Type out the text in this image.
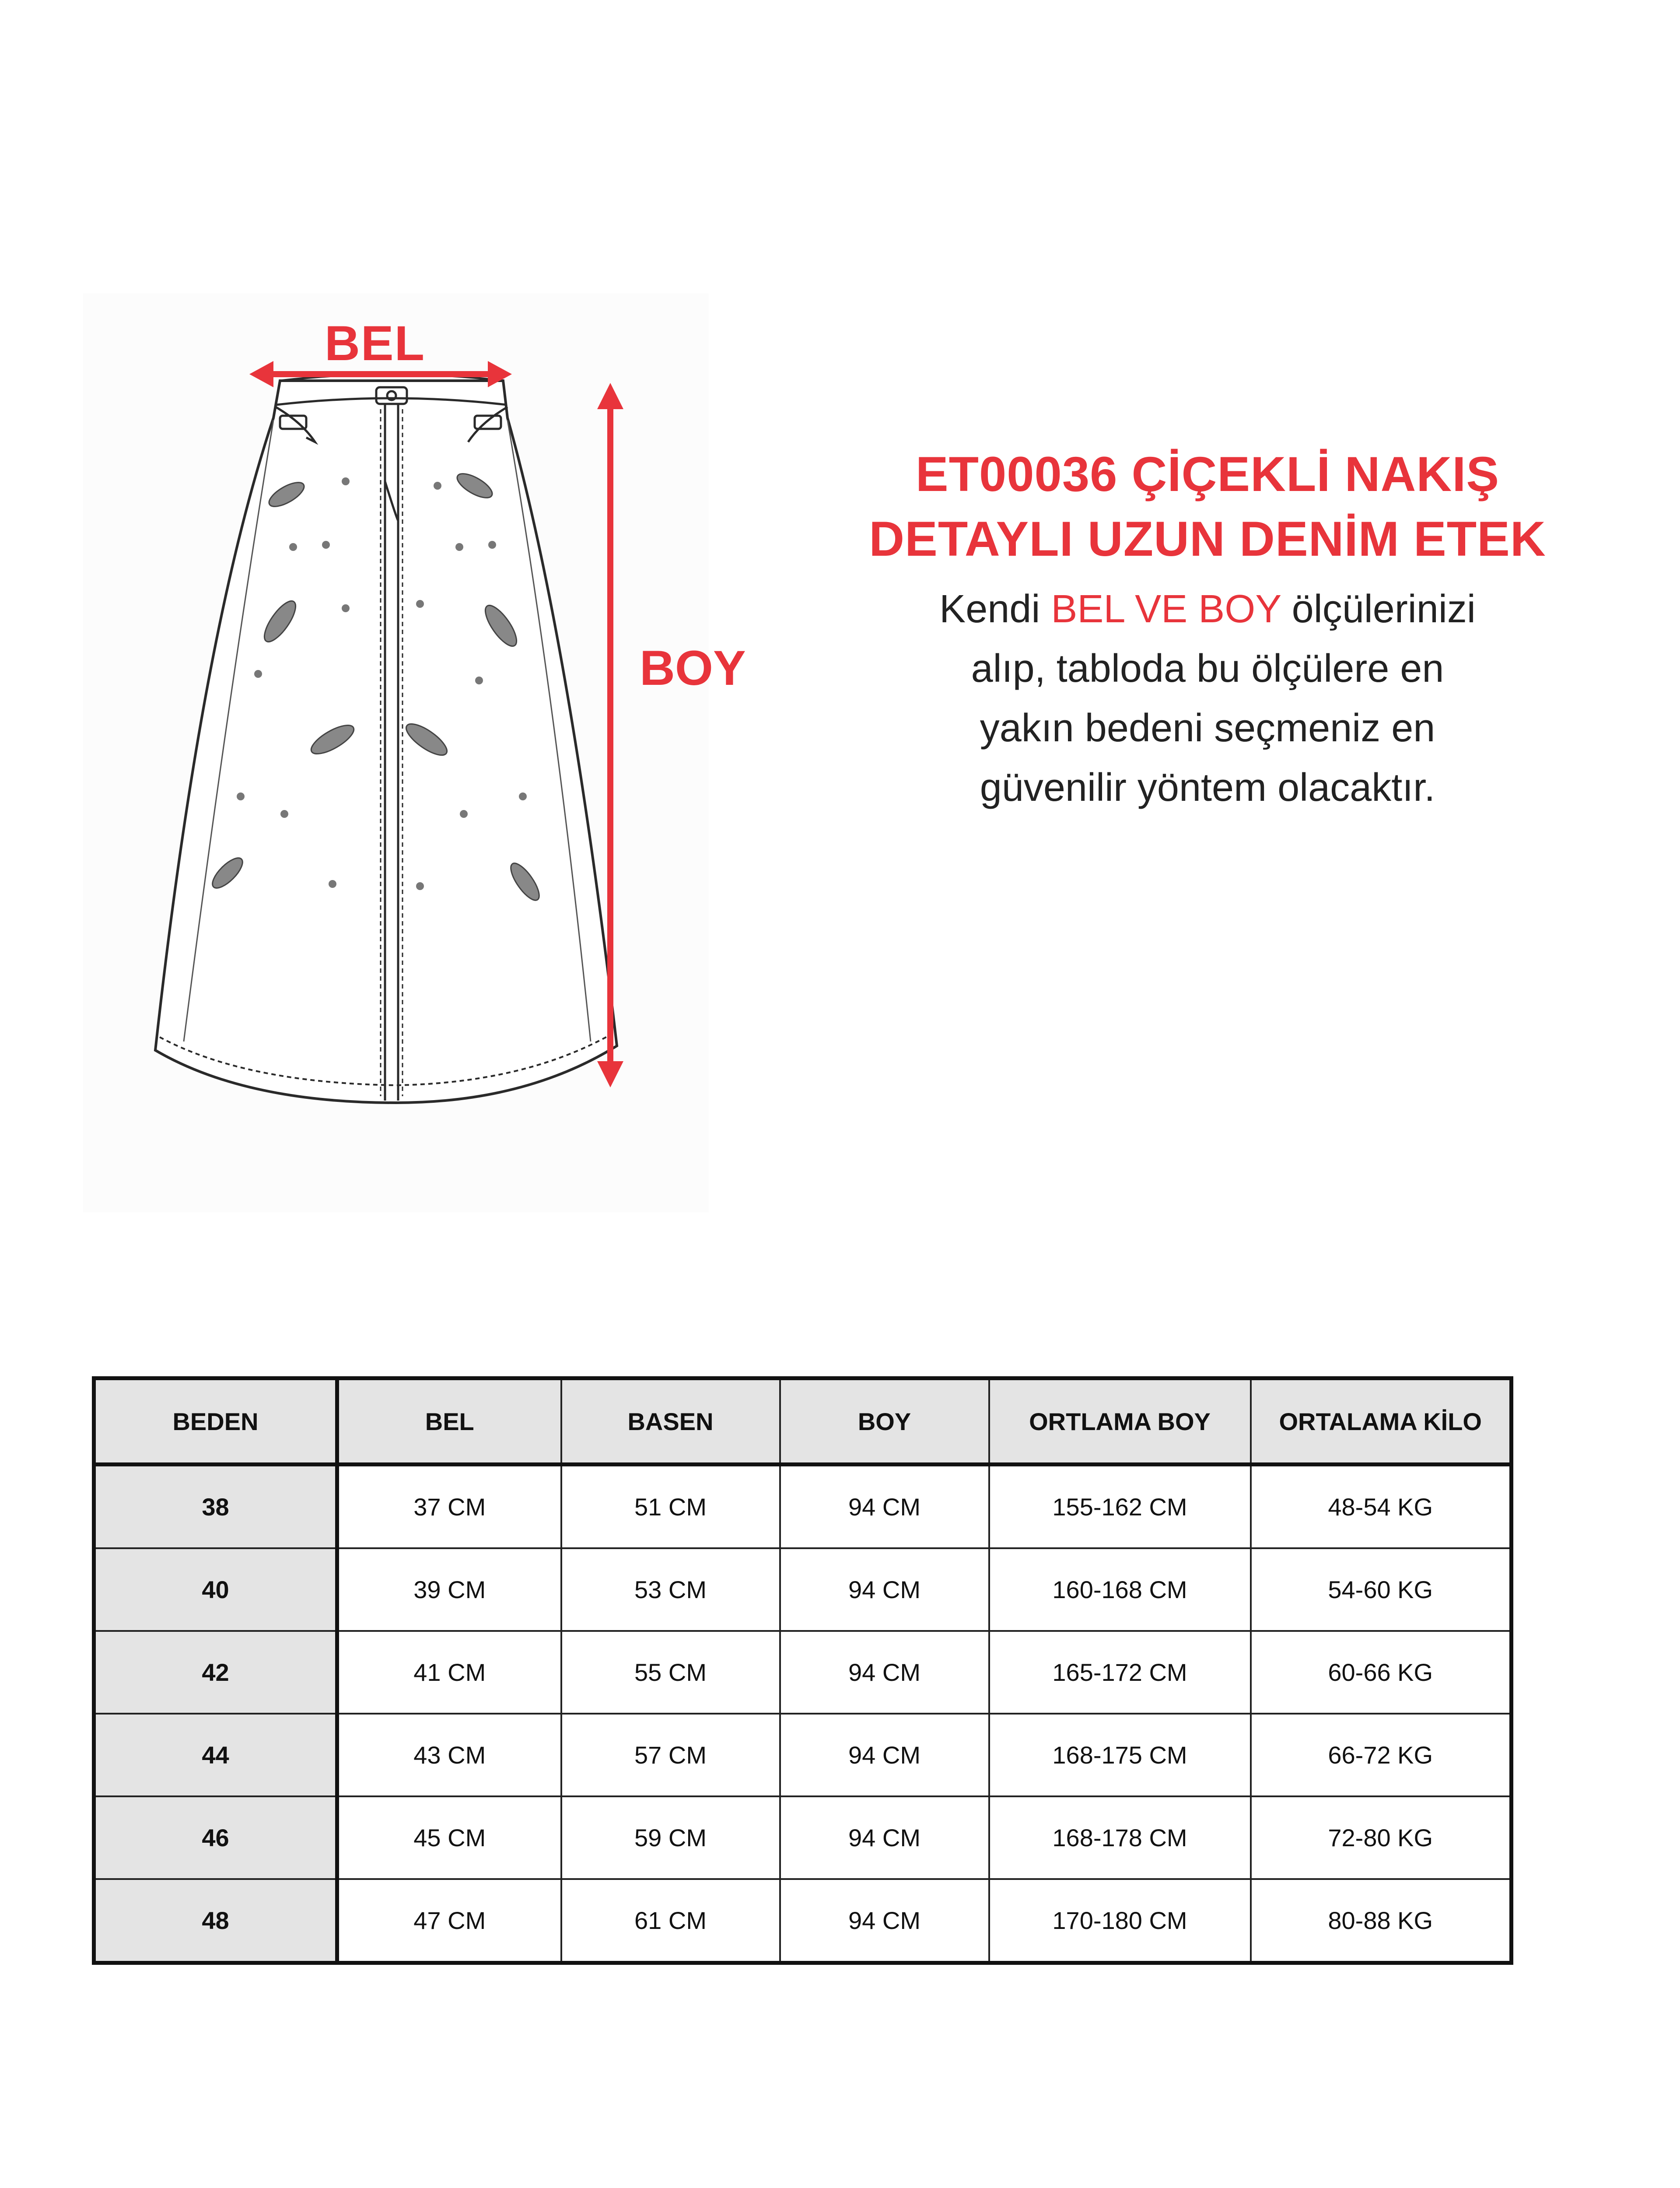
BEL
BOY
ET00036 ÇİÇEKLİ NAKIŞ
DETAYLI UZUN DENİM ETEK
Kendi BEL VE BOY ölçülerinizi
alıp, tabloda bu ölçülere en
yakın bedeni seçmeniz en
güvenilir yöntem olacaktır.
BEDEN	BEL	BASEN	BOY	ORTLAMA BOY	ORTALAMA KİLO
38	37 CM	51 CM	94 CM	155-162 CM	48-54 KG
40	39 CM	53 CM	94 CM	160-168 CM	54-60 KG
42	41 CM	55 CM	94 CM	165-172 CM	60-66 KG
44	43 CM	57 CM	94 CM	168-175 CM	66-72 KG
46	45 CM	59 CM	94 CM	168-178 CM	72-80 KG
48	47 CM	61 CM	94 CM	170-180 CM	80-88 KG
